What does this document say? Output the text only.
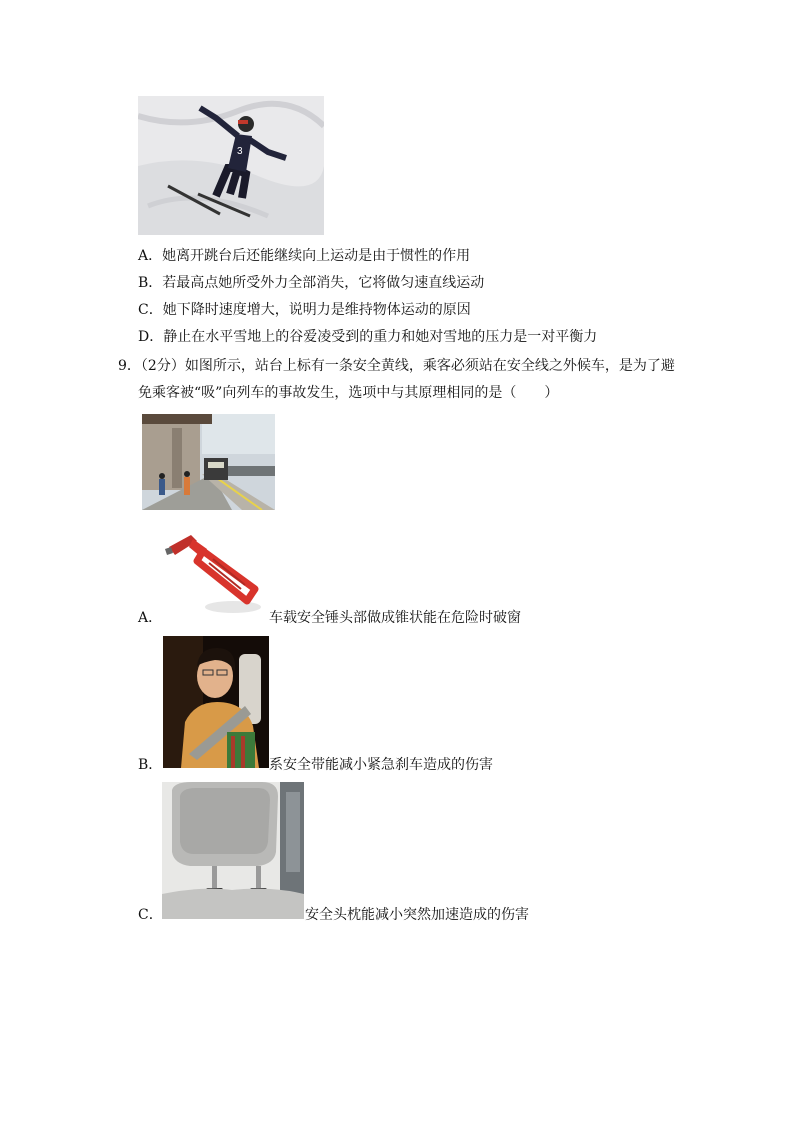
3
A．她离开跳台后还能继续向上运动是由于惯性的作用
B．若最高点她所受外力全部消失，它将做匀速直线运动
C．她下降时速度增大，说明力是维持物体运动的原因
D．静止在水平雪地上的谷爱凌受到的重力和她对雪地的压力是一对平衡力
9．（2分）如图所示，站台上标有一条安全黄线，乘客必须站在安全线之外候车，是为了避
免乘客被“吸”向列车的事故发生，选项中与其原理相同的是（　　）
A．	车载安全锤头部做成锥状能在危险时破窗
B．	系安全带能减小紧急刹车造成的伤害
C．	安全头枕能减小突然加速造成的伤害
